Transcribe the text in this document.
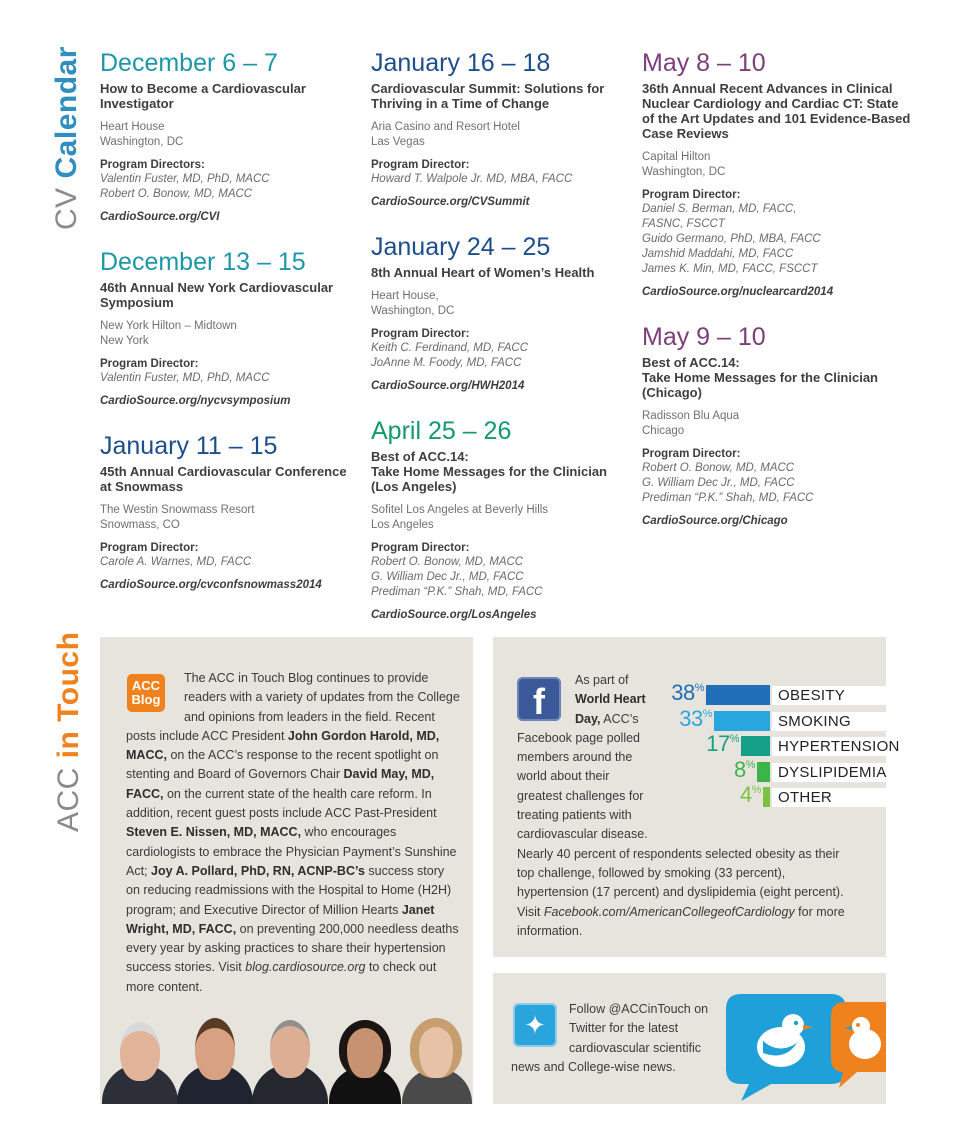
CV Calendar
ACC in Touch
December 6 – 7
How to Become a Cardiovascular Investigator
Heart House
Washington, DC
Program Directors:
Valentin Fuster, MD, PhD, MACC
Robert O. Bonow, MD, MACC
CardioSource.org/CVI
December 13 – 15
46th Annual New York Cardiovascular Symposium
New York Hilton – Midtown
New York
Program Director:
Valentin Fuster, MD, PhD, MACC
CardioSource.org/nycvsymposium
January 11 – 15
45th Annual Cardiovascular Conference at Snowmass
The Westin Snowmass Resort
Snowmass, CO
Program Director:
Carole A. Warnes, MD, FACC
CardioSource.org/cvconfsnowmass2014
January 16 – 18
Cardiovascular Summit: Solutions for Thriving in a Time of Change
Aria Casino and Resort Hotel
Las Vegas
Program Director:
Howard T. Walpole Jr. MD, MBA, FACC
CardioSource.org/CVSummit
January 24 – 25
8th Annual Heart of Women’s Health
Heart House,
Washington, DC
Program Director:
Keith C. Ferdinand, MD, FACC
JoAnne M. Foody, MD, FACC
CardioSource.org/HWH2014
April 25 – 26
Best of ACC.14:
Take Home Messages for the Clinician (Los Angeles)
Sofitel Los Angeles at Beverly Hills
Los Angeles
Program Director:
Robert O. Bonow, MD, MACC
G. William Dec Jr., MD, FACC
Prediman “P.K.” Shah, MD, FACC
CardioSource.org/LosAngeles
May 8 – 10
36th Annual Recent Advances in Clinical Nuclear Cardiology and Cardiac CT: State of the Art Updates and 101 Evidence-Based Case Reviews
Capital Hilton
Washington, DC
Program Director:
Daniel S. Berman, MD, FACC,
FASNC, FSCCT
Guido Germano, PhD, MBA, FACC
Jamshid Maddahi, MD, FACC
James K. Min, MD, FACC, FSCCT
CardioSource.org/nuclearcard2014
May 9 – 10
Best of ACC.14:
Take Home Messages for the Clinician (Chicago)
Radisson Blu Aqua
Chicago
Program Director:
Robert O. Bonow, MD, MACC
G. William Dec Jr., MD, FACC
Prediman “P.K.” Shah, MD, FACC
CardioSource.org/Chicago
ACC Blog
The ACC in Touch Blog continues to provide readers with a variety of updates from the College and opinions from leaders in the field. Recent posts include ACC President John Gordon Harold, MD, MACC, on the ACC’s response to the recent spotlight on stenting and Board of Governors Chair David May, MD, FACC, on the current state of the health care reform. In addition, recent guest posts include ACC Past-President Steven E. Nissen, MD, MACC, who encourages cardiologists to embrace the Physician Payment’s Sunshine Act; Joy A. Pollard, PhD, RN, ACNP-BC’s success story on reducing readmissions with the Hospital to Home (H2H) program; and Executive Director of Million Hearts Janet Wright, MD, FACC, on preventing 200,000 needless deaths every year by asking practices to share their hypertension success stories. Visit blog.cardiosource.org to check out more content.
f
As part of
World Heart
Day, ACC’s
Facebook page polled members around the world about their greatest challenges for treating patients with cardiovascular disease.
Nearly 40 percent of respondents selected obesity as their top challenge, followed by smoking (33 percent), hypertension (17 percent) and dyslipidemia (eight percent). Visit Facebook.com/AmericanCollegeofCardiology for more information.
38%	OBESITY
33%	SMOKING
17%	HYPERTENSION
8%	DYSLIPIDEMIA
4%	OTHER
✦
Follow @ACCinTouch on Twitter for the latest cardiovascular scientific news and College-wise news.
